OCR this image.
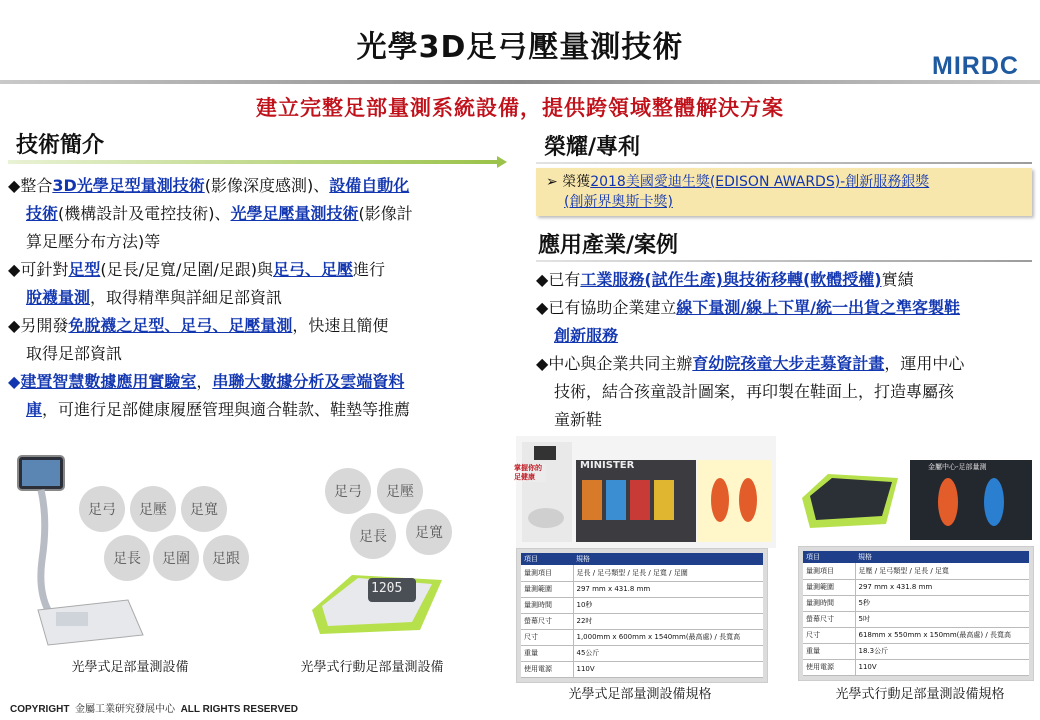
光學3D足弓壓量測技術
MIRDC
建立完整足部量測系統設備，提供跨領域整體解決方案
技術簡介
◆整合3D光學足型量測技術(影像深度感測)、設備自動化
技術(機構設計及電控技術)、光學足壓量測技術(影像計
算足壓分布方法)等
◆可針對足型(足長/足寬/足圍/足跟)與足弓、足壓進行
脫襪量測，取得精準與詳細足部資訊
◆另開發免脫襪之足型、足弓、足壓量測，快速且簡便
取得足部資訊
◆建置智慧數據應用實驗室，串聯大數據分析及雲端資料
庫，可進行足部健康履歷管理與適合鞋款、鞋墊等推薦
榮耀/專利
➢ 榮獲2018美國愛迪生獎(EDISON AWARDS)-創新服務銀獎
(創新界奧斯卡獎)
應用產業/案例
◆已有工業服務(試作生產)與技術移轉(軟體授權)實績
◆已有協助企業建立線下量測/線上下單/統一出貨之準客製鞋
創新服務
◆中心與企業共同主辦育幼院孩童大步走募資計畫，運用中心
技術，結合孩童設計圖案，再印製在鞋面上，打造專屬孩
童新鞋
足弓	足壓	足寬
足長	足圍	足跟
足弓	足壓
足長	足寬
1205
光學式足部量測設備	光學式行動足部量測設備
MINISTER
掌握你的足健康
項目	規格
量測項目	足長 / 足弓類型 / 足長 / 足寬 / 足圍
量測範圍	297 mm x 431.8 mm
量測時間	10秒
螢幕尺寸	22吋
尺寸	1,000mm x 600mm x 1540mm(最高處) / 長寬高
重量	45公斤
使用電源	110V
光學式足部量測設備規格
金屬中心-足部量測
項目	規格
量測項目	足壓 / 足弓類型 / 足長 / 足寬
量測範圍	297 mm x 431.8 mm
量測時間	5秒
螢幕尺寸	5吋
尺寸	618mm x 550mm x 150mm(最高處) / 長寬高
重量	18.3公斤
使用電源	110V
光學式行動足部量測設備規格
COPYRIGHT 金屬工業研究發展中心 ALL RIGHTS RESERVED
